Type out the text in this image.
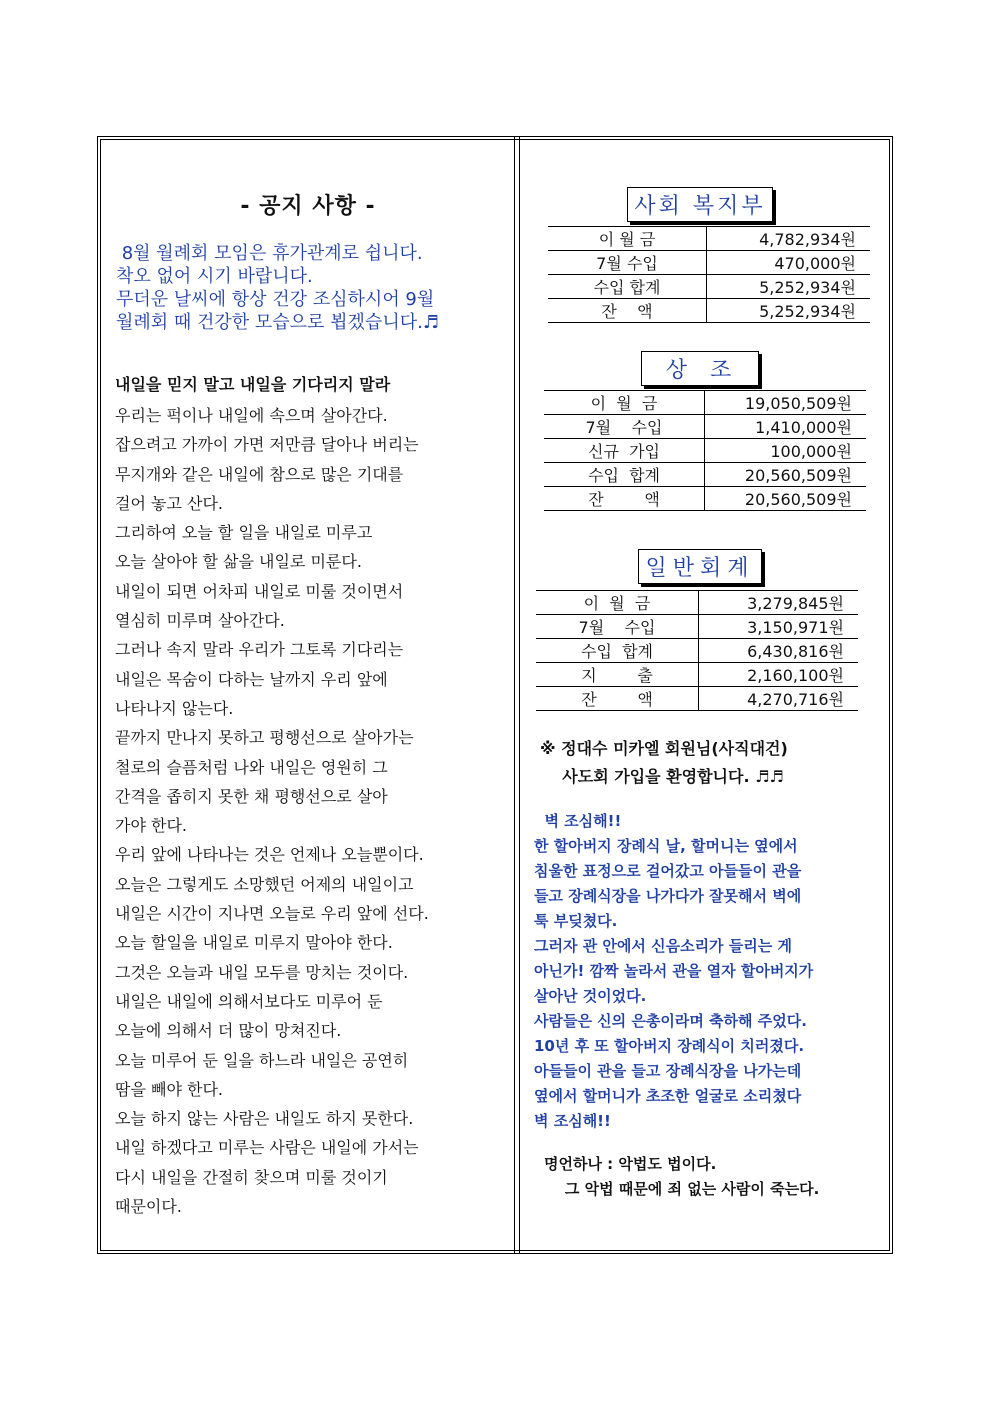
- 공지 사항 -
8월 월례회 모임은 휴가관계로 쉽니다.
착오 없어 시기 바랍니다.
무더운 날씨에 항상 건강 조심하시어 9월
월례회 때 건강한 모습으로 뵙겠습니다.♬
내일을 믿지 말고 내일을 기다리지 말라
우리는 퍽이나 내일에 속으며 살아간다.
잡으려고 가까이 가면 저만큼 달아나 버리는
무지개와 같은 내일에 참으로 많은 기대를
걸어 놓고 산다.
그리하여 오늘 할 일을 내일로 미루고
오늘 살아야 할 삶을 내일로 미룬다.
내일이 되면 어차피 내일로 미룰 것이면서
열심히 미루며 살아간다.
그러나 속지 말라 우리가 그토록 기다리는
내일은 목숨이 다하는 날까지 우리 앞에
나타나지 않는다.
끝까지 만나지 못하고 평행선으로 살아가는
철로의 슬픔처럼 나와 내일은 영원히 그
간격을 좁히지 못한 채 평행선으로 살아
가야 한다.
우리 앞에 나타나는 것은 언제나 오늘뿐이다.
오늘은 그렇게도 소망했던 어제의 내일이고
내일은 시간이 지나면 오늘로 우리 앞에 선다.
오늘 할일을 내일로 미루지 말아야 한다.
그것은 오늘과 내일 모두를 망치는 것이다.
내일은 내일에 의해서보다도 미루어 둔
오늘에 의해서 더 많이 망쳐진다.
오늘 미루어 둔 일을 하느라 내일은 공연히
땀을 빼야 한다.
오늘 하지 않는 사람은 내일도 하지 못한다.
내일 하겠다고 미루는 사람은 내일에 가서는
다시 내일을 간절히 찾으며 미룰 것이기
때문이다.
사회 복지부
이 월 금	4,782,934원
7월 수입	470,000원
수입 합계	5,252,934원
잔    액	5,252,934원
상  조
이  월  금	19,050,509원
7월    수입	1,410,000원
신규  가입	100,000원
수입  합계	20,560,509원
잔        액	20,560,509원
일반회계
이  월  금	3,279,845원
7월    수입	3,150,971원
수입  합계	6,430,816원
지        출	2,160,100원
잔        액	4,270,716원
※ 정대수 미카엘 회원님(사직대건)
사도회 가입을 환영합니다. ♬♬
벽 조심해!!
한 할아버지 장례식 날, 할머니는 옆에서
침울한 표정으로 걸어갔고 아들들이 관을
들고 장례식장을 나가다가 잘못해서 벽에
툭 부딪쳤다.
그러자 관 안에서 신음소리가 들리는 게
아닌가! 깜짝 놀라서 관을 열자 할아버지가
살아난 것이었다.
사람들은 신의 은총이라며 축하해 주었다.
10년 후 또 할아버지 장례식이 치러졌다.
아들들이 관을 들고 장례식장을 나가는데
옆에서 할머니가 초조한 얼굴로 소리쳤다
벽 조심해!!
명언하나 : 악법도 법이다.
그 악법 때문에 죄 없는 사람이 죽는다.
